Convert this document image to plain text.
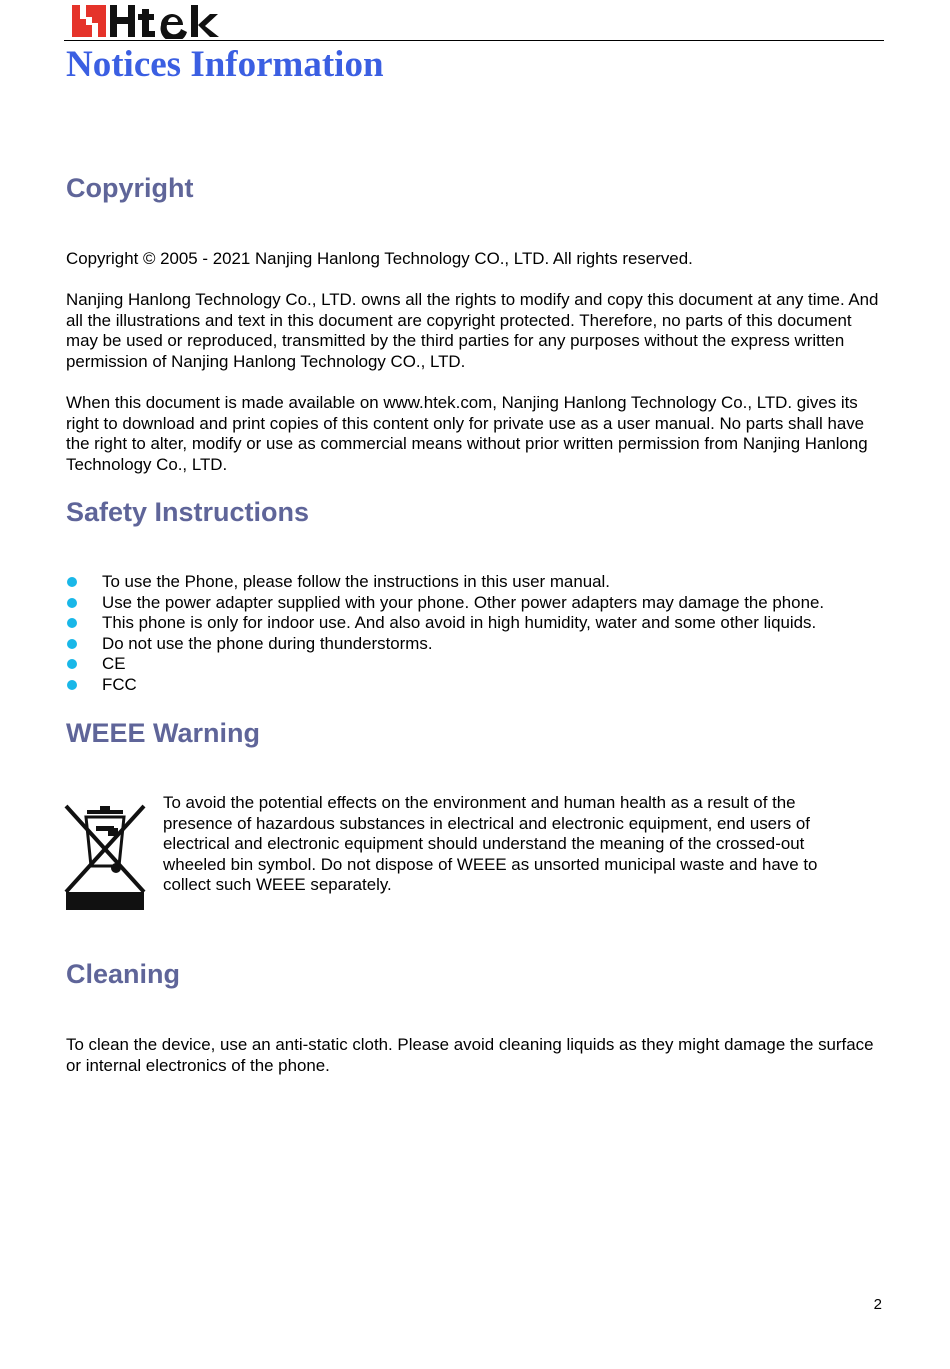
Notices Information
Copyright

Copyright © 2005 - 2021 Nanjing Hanlong Technology CO., LTD. All rights reserved.

Nanjing Hanlong Technology Co., LTD. owns all the rights to modify and copy this document at any time. And all the illustrations and text in this document are copyright protected. Therefore, no parts of this document may be used or reproduced, transmitted by the third parties for any purposes without the express written permission of Nanjing Hanlong Technology CO., LTD.

When this document is made available on www.htek.com, Nanjing Hanlong Technology Co., LTD. gives its right to download and print copies of this content only for private use as a user manual. No parts shall have the right to alter, modify or use as commercial means without prior written permission from Nanjing Hanlong Technology Co., LTD.

Safety Instructions
To use the Phone, please follow the instructions in this user manual.
Use the power adapter supplied with your phone. Other power adapters may damage the phone.
This phone is only for indoor use. And also avoid in high humidity, water and some other liquids.
Do not use the phone during thunderstorms.
CE
FCC
WEEE Warning

To avoid the potential effects on the environment and human health as a result of the presence of hazardous substances in electrical and electronic equipment, end users of electrical and electronic equipment should understand the meaning of the crossed-out wheeled bin symbol. Do not dispose of WEEE as unsorted municipal waste and have to collect such WEEE separately.

Cleaning

To clean the device, use an anti-static cloth. Please avoid cleaning liquids as they might damage the surface or internal electronics of the phone.

2
